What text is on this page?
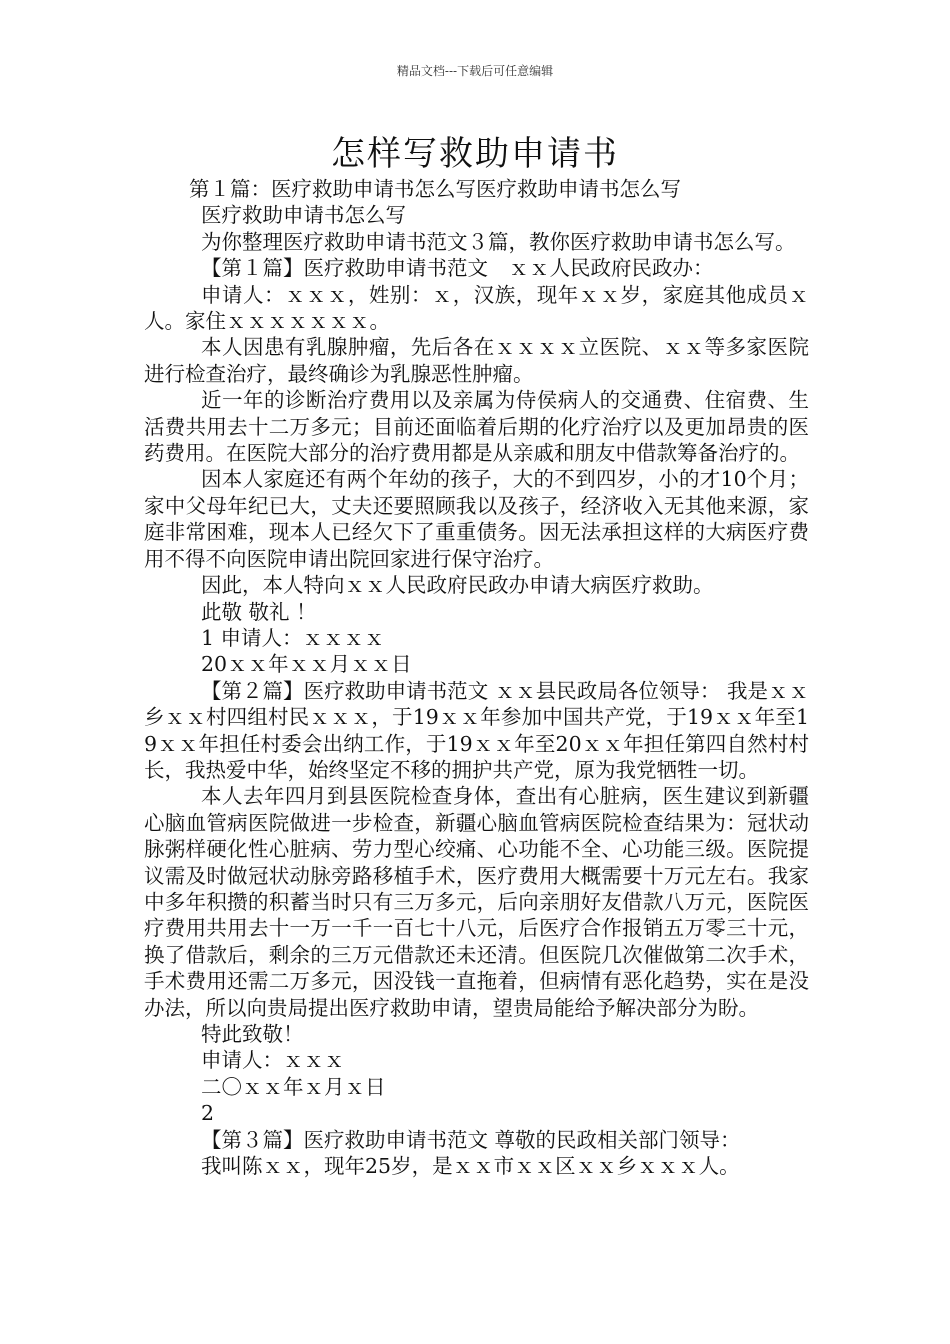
精品文档---下载后可任意编辑
怎样写救助申请书

第１篇：医疗救助申请书怎么写医疗救助申请书怎么写

医疗救助申请书怎么写

为你整理医疗救助申请书范文３篇，教你医疗救助申请书怎么写。

【第１篇】医疗救助申请书范文　ｘｘ人民政府民政办：

申请人：ｘｘｘ，姓别：ｘ，汉族，现年ｘｘ岁，家庭其他成员ｘ人。家住ｘｘｘｘｘｘｘ。

本人因患有乳腺肿瘤，先后各在ｘｘｘｘ立医院、ｘｘ等多家医院进行检查治疗，最终确诊为乳腺恶性肿瘤。

近一年的诊断治疗费用以及亲属为侍侯病人的交通费、住宿费、生活费共用去十二万多元；目前还面临着后期的化疗治疗以及更加昂贵的医药费用。在医院大部分的治疗费用都是从亲戚和朋友中借款筹备治疗的。

因本人家庭还有两个年幼的孩子，大的不到四岁，小的才10个月；家中父母年纪已大，丈夫还要照顾我以及孩子，经济收入无其他来源，家庭非常困难，现本人已经欠下了重重债务。因无法承担这样的大病医疗费用不得不向医院申请出院回家进行保守治疗。

因此，本人特向ｘｘ人民政府民政办申请大病医疗救助。

此敬 敬礼 ！

1 申请人：ｘｘｘｘ

20ｘｘ年ｘｘ月ｘｘ日

【第２篇】医疗救助申请书范文 ｘｘ县民政局各位领导： 我是ｘｘ乡ｘｘ村四组村民ｘｘｘ，于19ｘｘ年参加中国共产党，于19ｘｘ年至19ｘｘ年担任村委会出纳工作，于19ｘｘ年至20ｘｘ年担任第四自然村村长，我热爱中华，始终坚定不移的拥护共产党，原为我党牺牲一切。

本人去年四月到县医院检查身体，查出有心脏病，医生建议到新疆心脑血管病医院做进一步检查，新疆心脑血管病医院检查结果为：冠状动脉粥样硬化性心脏病、劳力型心绞痛、心功能不全、心功能三级。医院提议需及时做冠状动脉旁路移植手术，医疗费用大概需要十万元左右。我家中多年积攒的积蓄当时只有三万多元，后向亲朋好友借款八万元，医院医疗费用共用去十一万一千一百七十八元，后医疗合作报销五万零三十元，换了借款后，剩余的三万元借款还未还清。但医院几次催做第二次手术，手术费用还需二万多元，因没钱一直拖着，但病情有恶化趋势，实在是没办法，所以向贵局提出医疗救助申请，望贵局能给予解决部分为盼。

特此致敬！

申请人：ｘｘｘ

二〇ｘｘ年ｘ月ｘ日

2

【第３篇】医疗救助申请书范文 尊敬的民政相关部门领导：

我叫陈ｘｘ，现年25岁，是ｘｘ市ｘｘ区ｘｘ乡ｘｘｘ人。
